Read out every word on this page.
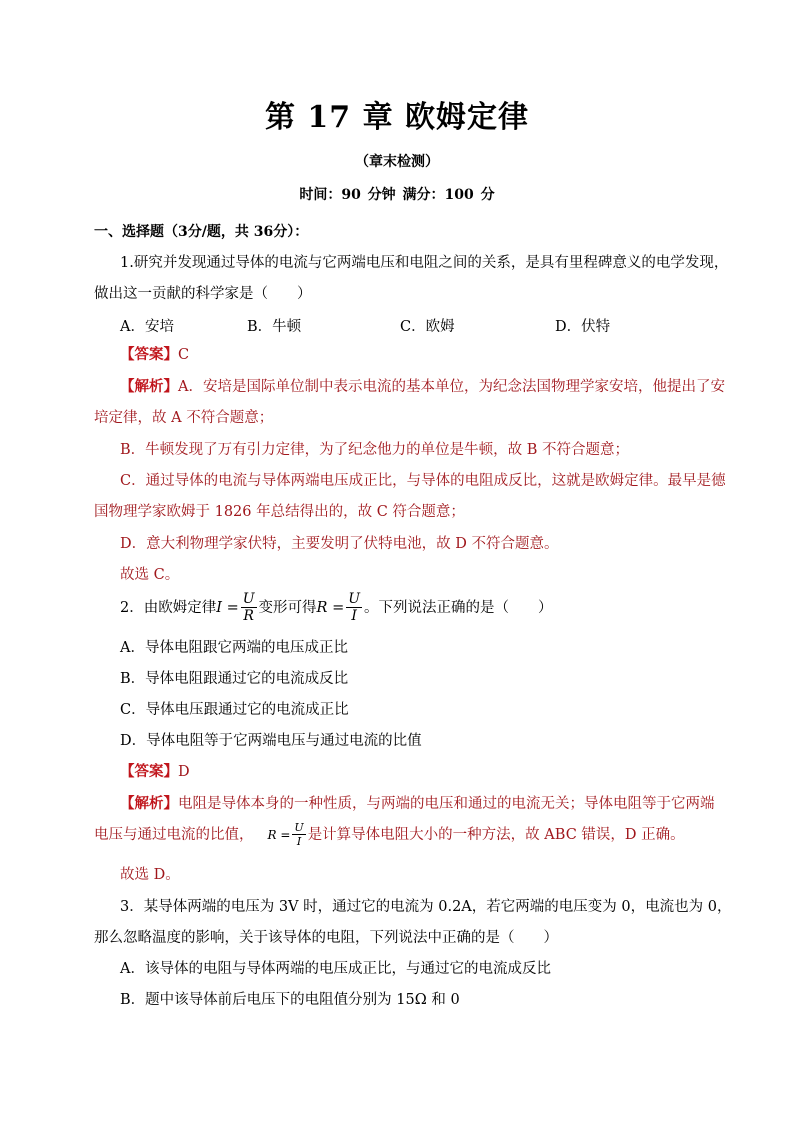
第 17 章 欧姆定律
（章末检测）
时间：90 分钟 满分：100 分
一、选择题（3分/题，共 36分）：
1.研究并发现通过导体的电流与它两端电压和电阻之间的关系，是具有里程碑意义的电学发现，
做出这一贡献的科学家是（　　）
A．安培	B．牛顿	C．欧姆	D．伏特
【答案】C
【解析】A．安培是国际单位制中表示电流的基本单位，为纪念法国物理学家安培，他提出了安
培定律，故 A 不符合题意；
B．牛顿发现了万有引力定律，为了纪念他力的单位是牛顿，故 B 不符合题意；
C．通过导体的电流与导体两端电压成正比，与导体的电阻成反比，这就是欧姆定律。最早是德
国物理学家欧姆于 1826 年总结得出的，故 C 符合题意；
D．意大利物理学家伏特，主要发明了伏特电池，故 D 不符合题意。
故选 C。
2．由欧姆定律 $I = \frac{U}{R}$ 变形可得 $R = \frac{U}{I}$ 。下列说法正确的是（　　）
A．导体电阻跟它两端的电压成正比
B．导体电阻跟通过它的电流成反比
C．导体电压跟通过它的电流成正比
D．导体电阻等于它两端电压与通过电流的比值
【答案】D
【解析】电阻是导体本身的一种性质，与两端的电压和通过的电流无关；导体电阻等于它两端
电压与通过电流的比值， $R = \frac{U}{I}$ 是计算导体电阻大小的一种方法，故 ABC 错误，D 正确。
故选 D。
3．某导体两端的电压为 3V 时，通过它的电流为 0.2A，若它两端的电压变为 0，电流也为 0，
那么忽略温度的影响，关于该导体的电阻，下列说法中正确的是（　　）
A．该导体的电阻与导体两端的电压成正比，与通过它的电流成反比
B．题中该导体前后电压下的电阻值分别为 15Ω 和 0
